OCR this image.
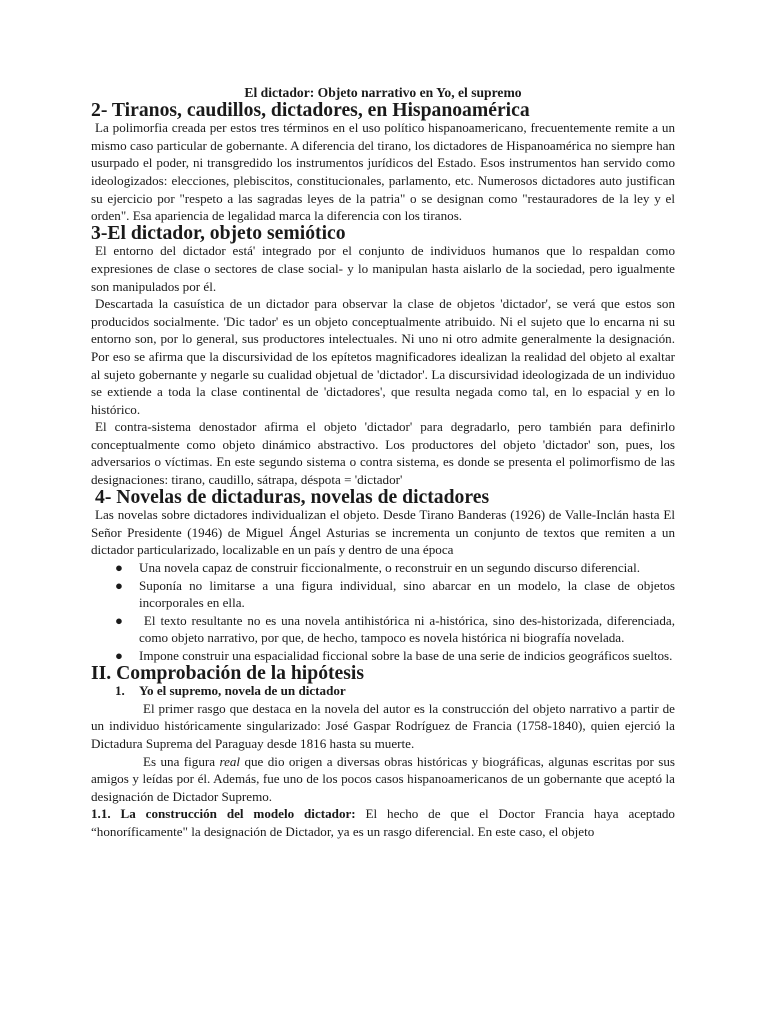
El dictador: Objeto narrativo en Yo, el supremo
2- Tiranos, caudillos, dictadores, en Hispanoamérica

La polimorfia creada per estos tres términos en el uso político hispanoamericano, frecuentemente remite a un mismo caso particular de gobernante. A diferencia del tirano, los dictadores de Hispanoamérica no siempre han usurpado el poder, ni transgredido los instrumentos jurídicos del Estado. Esos instrumentos han servido como ideologizados: elecciones, plebiscitos, constitucionales, parlamento, etc. Numerosos dictadores auto justifican su ejercicio por "respeto a las sagradas leyes de la patria" o se designan como "restauradores de la ley y el orden". Esa apariencia de legalidad marca la diferencia con los tiranos.

3-El dictador, objeto semiótico

El entorno del dictador está' integrado por el conjunto de individuos humanos que lo respaldan como expresiones de clase o sectores de clase social- y lo manipulan hasta aislarlo de la sociedad, pero igualmente son manipulados por él.

Descartada la casuística de un dictador para observar la clase de objetos 'dictador', se verá que estos son producidos socialmente. 'Dic tador' es un objeto conceptualmente atribuido. Ni el sujeto que lo encarna ni su entorno son, por lo general, sus productores intelectuales. Ni uno ni otro admite generalmente la designación. Por eso se afirma que la discursividad de los epítetos magnificadores idealizan la realidad del objeto al exaltar al sujeto gobernante y negarle su cualidad objetual de 'dictador'. La discursividad ideologizada de un individuo se extiende a toda la clase continental de 'dictadores', que resulta negada como tal, en lo espacial y en lo histórico.

El contra-sistema denostador afirma el objeto 'dictador' para degradarlo, pero también para definirlo conceptualmente como objeto dinámico abstractivo. Los productores del objeto 'dictador' son, pues, los adversarios o víctimas. En este segundo sistema o contra sistema, es donde se presenta el polimorfismo de las designaciones: tirano, caudillo, sátrapa, déspota = 'dictador'

4- Novelas de dictaduras, novelas de dictadores

Las novelas sobre dictadores individualizan el objeto. Desde Tirano Banderas (1926) de Valle-Inclán hasta El Señor Presidente (1946) de Miguel Ángel Asturias se incrementa un conjunto de textos que remiten a un dictador particularizado, localizable en un país y dentro de una época

● Una novela capaz de construir ficcionalmente, o reconstruir en un segundo discurso diferencial.
● Suponía no limitarse a una figura individual, sino abarcar en un modelo, la clase de objetos incorporales en ella.
● El texto resultante no es una novela antihistórica ni a-histórica, sino des-historizada, diferenciada, como objeto narrativo, por que, de hecho, tampoco es novela histórica ni biografía novelada.
● Impone construir una espacialidad ficcional sobre la base de una serie de indicios geográficos sueltos.
II. Comprobación de la hipótesis
1. Yo el supremo, novela de un dictador

El primer rasgo que destaca en la novela del autor es la construcción del objeto narrativo a partir de un individuo históricamente singularizado: José Gaspar Rodríguez de Francia (1758-1840), quien ejerció la Dictadura Suprema del Paraguay desde 1816 hasta su muerte.

Es una figura real que dio origen a diversas obras históricas y biográficas, algunas escritas por sus amigos y leídas por él. Además, fue uno de los pocos casos hispanoamericanos de un gobernante que aceptó la designación de Dictador Supremo.

1.1. La construcción del modelo dictador: El hecho de que el Doctor Francia haya aceptado “honoríficamente" la designación de Dictador, ya es un rasgo diferencial. En este caso, el objeto
